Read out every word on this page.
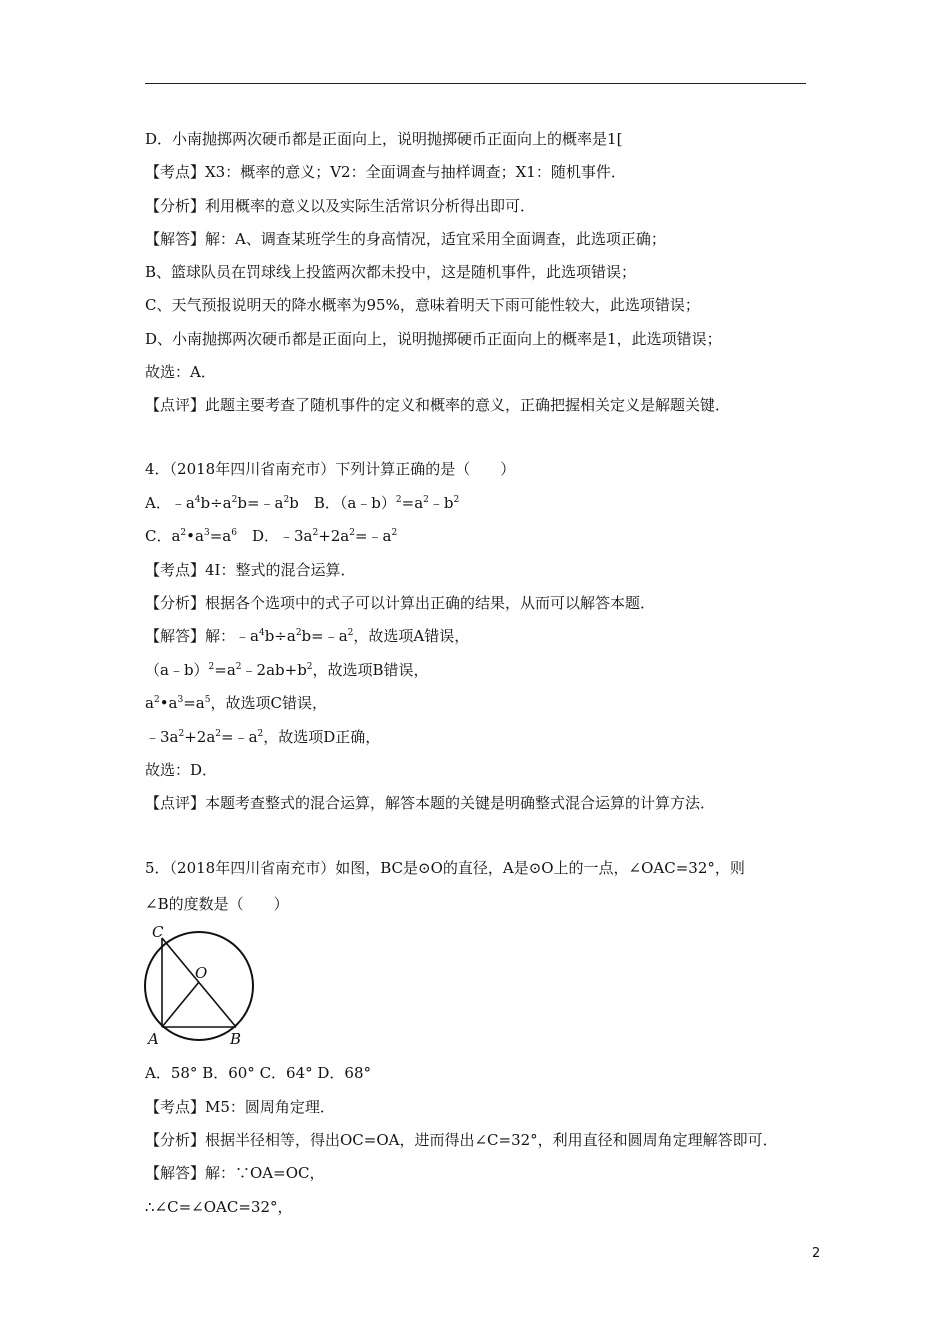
D．小南抛掷两次硬币都是正面向上，说明抛掷硬币正面向上的概率是1[
【考点】X3：概率的意义；V2：全面调查与抽样调查；X1：随机事件．
【分析】利用概率的意义以及实际生活常识分析得出即可．
【解答】解：A、调查某班学生的身高情况，适宜采用全面调查，此选项正确；
B、篮球队员在罚球线上投篮两次都未投中，这是随机事件，此选项错误；
C、天气预报说明天的降水概率为95%，意味着明天下雨可能性较大，此选项错误；
D、小南抛掷两次硬币都是正面向上，说明抛掷硬币正面向上的概率是1，此选项错误；
故选：A．
【点评】此题主要考查了随机事件的定义和概率的意义，正确把握相关定义是解题关键．
4．（2018年四川省南充市）下列计算正确的是（　　）
A．$﹣a^4b\div a^2b=﹣a^2b$　B．$(a﹣b)^2=a^2﹣b^2$
C．$a^2•a^3=a^6$　D．$﹣3a^2+2a^2=﹣a^2$
【考点】4I：整式的混合运算．
【分析】根据各个选项中的式子可以计算出正确的结果，从而可以解答本题．
【解答】解：$﹣a^4b\div a^2b=﹣a^2$，故选项A错误，
$(a﹣b)^2=a^2﹣2ab+b^2$，故选项B错误，
$a^2•a^3=a^5$，故选项C错误，
$﹣3a^2+2a^2=﹣a^2$，故选项D正确，
故选：D．
【点评】本题考查整式的混合运算，解答本题的关键是明确整式混合运算的计算方法．
5．（2018年四川省南充市）如图，BC是⊙O的直径，A是⊙O上的一点，∠OAC=32°，则
∠B的度数是（　　）
C
O
A	B
A．58° B．60° C．64° D．68°
【考点】M5：圆周角定理．
【分析】根据半径相等，得出OC=OA，进而得出∠C=32°，利用直径和圆周角定理解答即可．
【解答】解：∵OA=OC，
∴∠C=∠OAC=32°，
2
